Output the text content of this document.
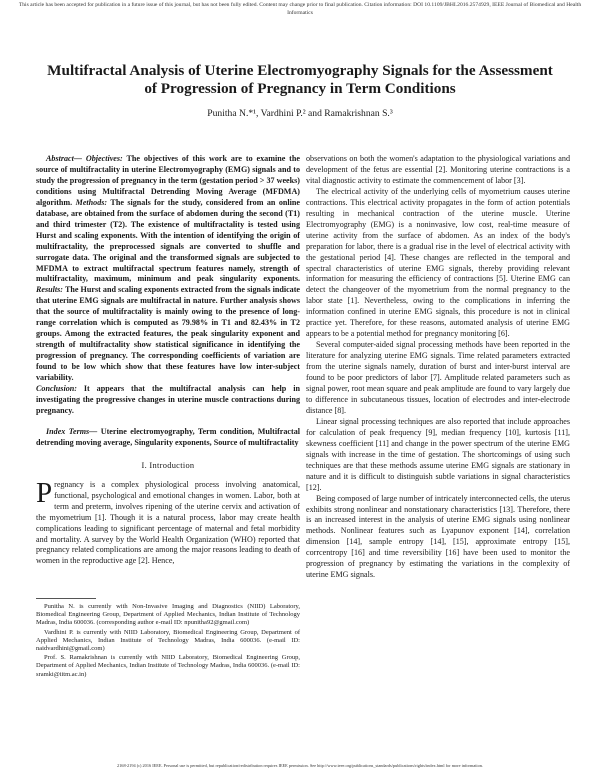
This article has been accepted for publication in a future issue of this journal, but has not been fully edited. Content may change prior to final publication. Citation information: DOI 10.1109/JBHI.2016.2574929, IEEE Journal of Biomedical and Health Informatics
Multifractal Analysis of Uterine Electromyography Signals for the Assessment of Progression of Pregnancy in Term Conditions
Punitha N.*¹, Vardhini P.² and Ramakrishnan S.³

Abstract— Objectives: The objectives of this work are to examine the source of multifractality in uterine Electromyography (EMG) signals and to study the progression of pregnancy in the term (gestation period > 37 weeks) conditions using Multifractal Detrending Moving Average (MFDMA) algorithm. Methods: The signals for the study, considered from an online database, are obtained from the surface of abdomen during the second (T1) and third trimester (T2). The existence of multifractality is tested using Hurst and scaling exponents. With the intention of identifying the origin of multifractality, the preprocessed signals are converted to shuffle and surrogate data. The original and the transformed signals are subjected to MFDMA to extract multifractal spectrum features namely, strength of multifractality, maximum, minimum and peak singularity exponents. Results: The Hurst and scaling exponents extracted from the signals indicate that uterine EMG signals are multifractal in nature. Further analysis shows that the source of multifractality is mainly owing to the presence of long-range correlation which is computed as 79.98% in T1 and 82.43% in T2 groups. Among the extracted features, the peak singularity exponent and strength of multifractality show statistical significance in identifying the progression of pregnancy. The corresponding coefficients of variation are found to be low which show that these features have low inter-subject variability.
Conclusion: It appears that the multifractal analysis can help in investigating the progressive changes in uterine muscle contractions during pregnancy.

Index Terms— Uterine electromyography, Term condition, Multifractal detrending moving average, Singularity exponents, Source of multifractality

I. Introduction

Pregnancy is a complex physiological process involving anatomical, functional, psychological and emotional changes in women. Labor, both at term and preterm, involves ripening of the uterine cervix and activation of the myometrium [1]. Though it is a natural process, labor may create health complications leading to significant percentage of maternal and fetal morbidity and mortality. A survey by the World Health Organization (WHO) reported that pregnancy related complications are among the major reasons leading to death of women in the reproductive age [2]. Hence,

Punitha N. is currently with Non-Invasive Imaging and Diagnostics (NIID) Laboratory, Biomedical Engineering Group, Department of Applied Mechanics, Indian Institute of Technology Madras, India 600036. (corresponding author e-mail ID: npunitha92@gmail.com)

Vardhini P. is currently with NIID Laboratory, Biomedical Engineering Group, Department of Applied Mechanics, Indian Institute of Technology Madras, India 600036. (e-mail ID: naidvardhini@gmail.com)

Prof. S. Ramakrishnan is currently with NIID Laboratory, Biomedical Engineering Group, Department of Applied Mechanics, Indian Institute of Technology Madras, India 600036. (e-mail ID: sramki@iitm.ac.in)

observations on both the women's adaptation to the physiological variations and development of the fetus are essential [2]. Monitoring uterine contractions is a vital diagnostic activity to estimate the commencement of labor [3].

The electrical activity of the underlying cells of myometrium causes uterine contractions. This electrical activity propagates in the form of action potentials resulting in mechanical contraction of the uterine muscle. Uterine Electromyography (EMG) is a noninvasive, low cost, real-time measure of uterine activity from the surface of abdomen. As an index of the body's preparation for labor, there is a gradual rise in the level of electrical activity with the gestational period [4]. These changes are reflected in the temporal and spectral characteristics of uterine EMG signals, thereby providing relevant information for measuring the efficiency of contractions [5]. Uterine EMG can detect the changeover of the myometrium from the normal pregnancy to the labor state [1]. Nevertheless, owing to the complications in inferring the information confined in uterine EMG signals, this procedure is not in clinical practice yet. Therefore, for these reasons, automated analysis of uterine EMG appears to be a potential method for pregnancy monitoring [6].

Several computer-aided signal processing methods have been reported in the literature for analyzing uterine EMG signals. Time related parameters extracted from the uterine signals namely, duration of burst and inter-burst interval are found to be poor predictors of labor [7]. Amplitude related parameters such as signal power, root mean square and peak amplitude are found to vary largely due to difference in subcutaneous tissues, location of electrodes and inter-electrode distance [8].

Linear signal processing techniques are also reported that include approaches for calculation of peak frequency [9], median frequency [10], kurtosis [11], skewness coefficient [11] and change in the power spectrum of the uterine EMG signals with increase in the time of gestation. The shortcomings of using such techniques are that these methods assume uterine EMG signals are stationary in nature and it is difficult to distinguish subtle variations in signal characteristics [12].

Being composed of large number of intricately interconnected cells, the uterus exhibits strong nonlinear and nonstationary characteristics [13]. Therefore, there is an increased interest in the analysis of uterine EMG signals using nonlinear methods. Nonlinear features such as Lyapunov exponent [14], correlation dimension [14], sample entropy [14], [15], approximate entropy [15], corrcentropy [16] and time reversibility [16] have been used to monitor the progression of pregnancy by estimating the variations in the complexity of uterine EMG signals.

2168-2194 (c) 2016 IEEE. Personal use is permitted, but republication/redistribution requires IEEE permission. See http://www.ieee.org/publications_standards/publications/rights/index.html for more information.
